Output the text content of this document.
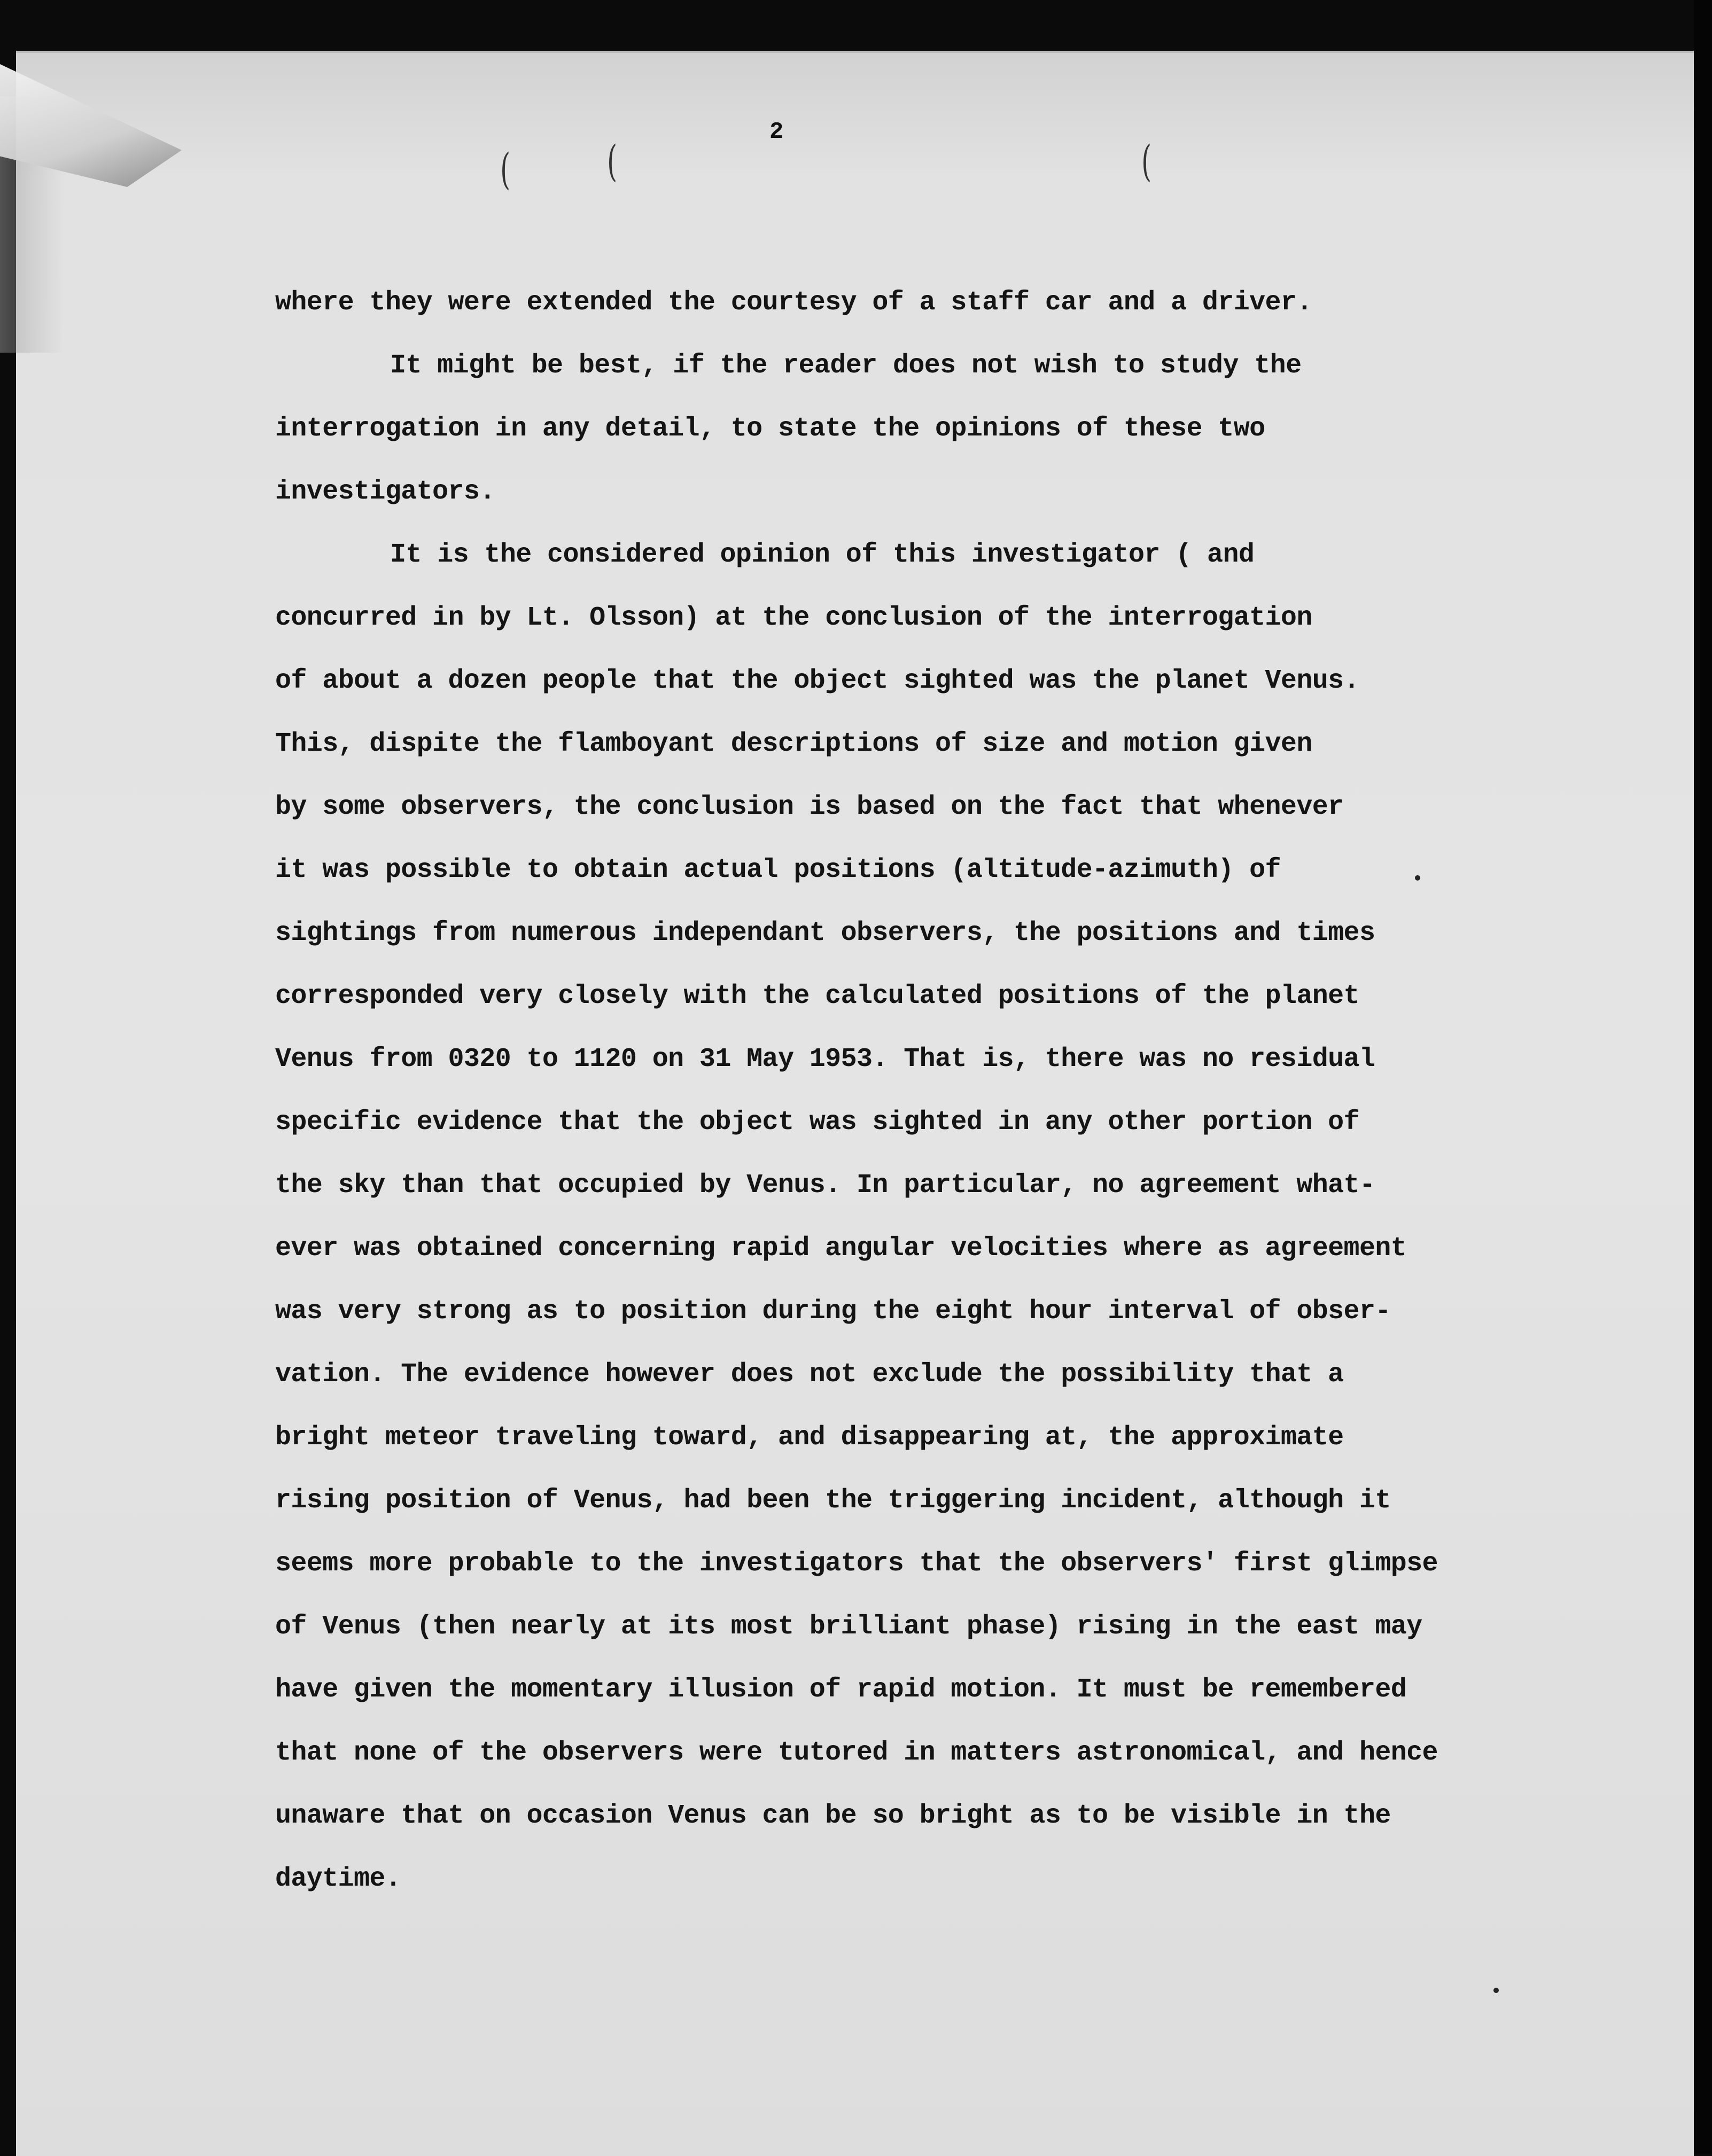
2
( (	(
where they were extended the courtesy of a staff car and a driver.
It might be best, if the reader does not wish to study the
interrogation in any detail, to state the opinions of these two
investigators.
It is the considered opinion of this investigator ( and
concurred in by Lt. Olsson) at the conclusion of the interrogation
of about a dozen people that the object sighted was the planet Venus.
This, dispite the flamboyant descriptions of size and motion given
by some observers, the conclusion is based on the fact that whenever
it was possible to obtain actual positions (altitude-azimuth) of
sightings from numerous independant observers, the positions and times
corresponded very closely with the calculated positions of the planet
Venus from 0320 to 1120 on 31 May 1953. That is, there was no residual
specific evidence that the object was sighted in any other portion of
the sky than that occupied by Venus. In particular, no agreement what-
ever was obtained concerning rapid angular velocities where as agreement
was very strong as to position during the eight hour interval of obser-
vation. The evidence however does not exclude the possibility that a
bright meteor traveling toward, and disappearing at, the approximate
rising position of Venus, had been the triggering incident, although it
seems more probable to the investigators that the observers' first glimpse
of Venus (then nearly at its most brilliant phase) rising in the east may
have given the momentary illusion of rapid motion. It must be remembered
that none of the observers were tutored in matters astronomical, and hence
unaware that on occasion Venus can be so bright as to be visible in the
daytime.
